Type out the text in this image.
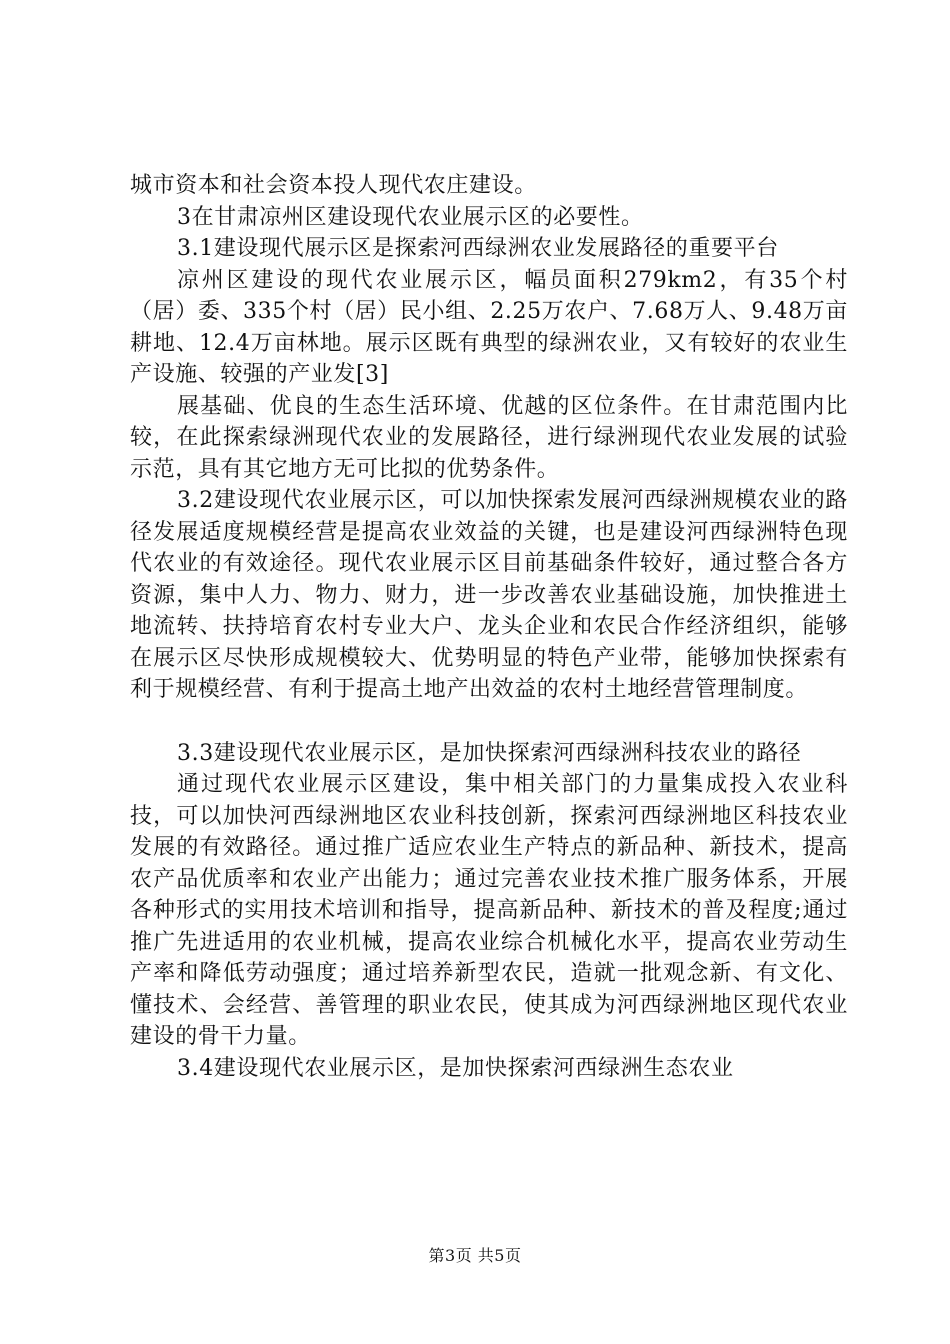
城市资本和社会资本投人现代农庄建设。

3在甘肃凉州区建设现代农业展示区的必要性。

3.1建设现代展示区是探索河西绿洲农业发展路径的重要平台

凉州区建设的现代农业展示区，幅员面积279km2，有35个村（居）委、335个村（居）民小组、2.25万农户、7.68万人、9.48万亩耕地、12.4万亩林地。展示区既有典型的绿洲农业，又有较好的农业生产设施、较强的产业发[3]

展基础、优良的生态生活环境、优越的区位条件。在甘肃范围内比较，在此探索绿洲现代农业的发展路径，进行绿洲现代农业发展的试验示范，具有其它地方无可比拟的优势条件。

3.2建设现代农业展示区，可以加快探索发展河西绿洲规模农业的路径发展适度规模经营是提高农业效益的关键，也是建设河西绿洲特色现代农业的有效途径。现代农业展示区目前基础条件较好，通过整合各方资源，集中人力、物力、财力，进一步改善农业基础设施，加快推进土地流转、扶持培育农村专业大户、龙头企业和农民合作经济组织，能够在展示区尽快形成规模较大、优势明显的特色产业带，能够加快探索有利于规模经营、有利于提高土地产出效益的农村土地经营管理制度。

3.3建设现代农业展示区，是加快探索河西绿洲科技农业的路径

通过现代农业展示区建设，集中相关部门的力量集成投入农业科技，可以加快河西绿洲地区农业科技创新，探索河西绿洲地区科技农业发展的有效路径。通过推广适应农业生产特点的新品种、新技术，提高农产品优质率和农业产出能力；通过完善农业技术推广服务体系，开展各种形式的实用技术培训和指导，提高新品种、新技术的普及程度;通过推广先进适用的农业机械，提高农业综合机械化水平，提高农业劳动生产率和降低劳动强度；通过培养新型农民，造就一批观念新、有文化、懂技术、会经营、善管理的职业农民，使其成为河西绿洲地区现代农业建设的骨干力量。

3.4建设现代农业展示区，是加快探索河西绿洲生态农业

第3页 共5页
